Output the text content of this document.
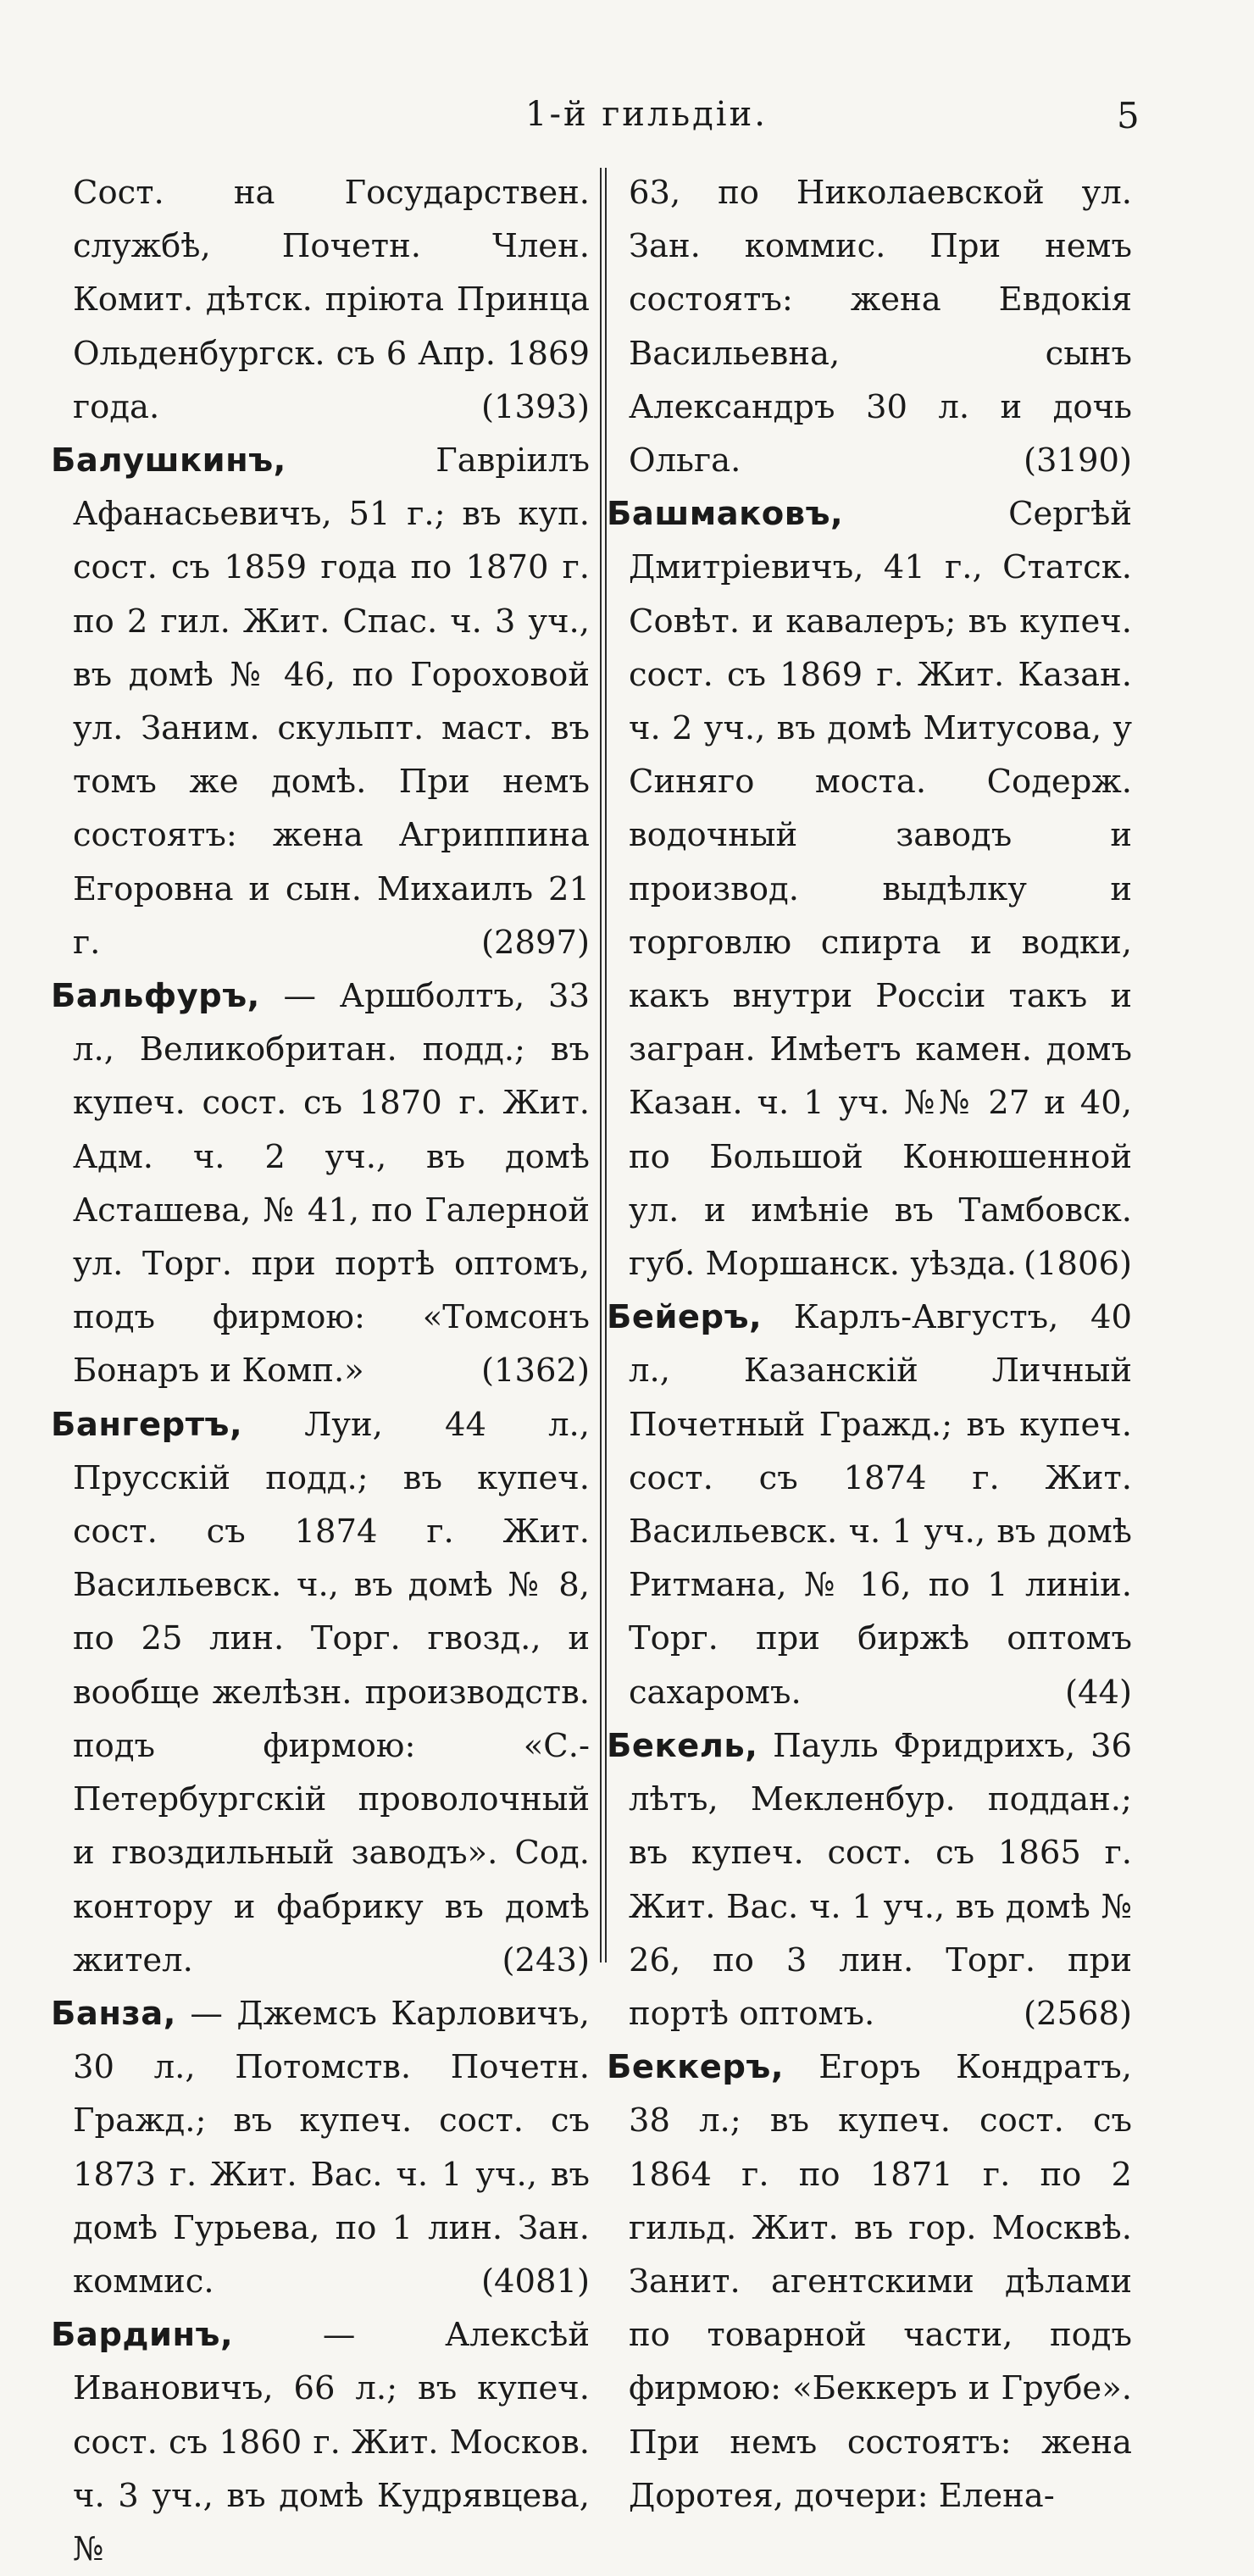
1-й гильдіи.	5

Сост. на Государствен. службѣ, Почетн. Член. Комит. дѣтск. пріюта Принца Ольденбургск. съ 6 Апр. 1869 года.	(1393)

Балушкинъ,	Гавріилъ Афанасьевичъ, 51 г.; въ куп. сост. съ 1859 года по 1870 г. по 2 гил. Жит. Спас. ч. 3 уч., въ домѣ № 46, по Гороховой ул. Заним. скульпт. маст. въ томъ же домѣ. При немъ состоятъ: жена Агриппина Егоровна и сын. Михаилъ 21 г.	(2897)

Бальфуръ, — Аршболтъ, 33 л., Великобритан. подд.; въ купеч. сост. съ 1870 г. Жит. Адм. ч. 2 уч., въ домѣ Асташева, № 41, по Галерной ул. Торг. при портѣ оптомъ, подъ фирмою: «Томсонъ Бонаръ и Комп.»	(1362)

Бангертъ, Луи, 44 л., Прусскій подд.; въ купеч. сост. съ 1874 г. Жит. Васильевск. ч., въ домѣ № 8, по 25 лин. Торг. гвозд., и вообще желѣзн. производств. подъ фирмою: «С.-Петербургскій проволочный и гвоздильный заводъ». Сод. контору и фабрику въ домѣ жител.	(243)

Банза, — Джемсъ Карловичъ, 30 л., Потомств. Почетн. Гражд.; въ купеч. сост. съ 1873 г. Жит. Вас. ч. 1 уч., въ домѣ Гурьева, по 1 лин. Зан. коммис.	(4081)

Бардинъ,	— Алексѣй Ивановичъ, 66 л.; въ купеч. сост. съ 1860 г. Жит. Москов. ч. 3 уч., въ домѣ Кудрявцева, №

63, по Николаевской ул. Зан. коммис. При немъ состоятъ: жена Евдокія Васильевна, сынъ Александръ 30 л. и дочь Ольга.	(3190)

Башмаковъ,	Сергѣй Дмитріевичъ, 41 г., Статск. Совѣт. и кавалеръ; въ купеч. сост. съ 1869 г. Жит. Казан. ч. 2 уч., въ домѣ Митусова, у Синяго моста. Содерж. водочный заводъ и производ. выдѣлку и торговлю спирта и водки, какъ внутри Россіи такъ и загран. Имѣетъ камен. домъ Казан. ч. 1 уч. №№ 27 и 40, по Большой Конюшенной ул. и имѣніе въ Тамбовск. губ. Моршанск. уѣзда. (1806)

Бейеръ, Карлъ-Августъ, 40 л., Казанскій Личный Почетный Гражд.; въ купеч. сост. съ 1874 г. Жит. Васильевск. ч. 1 уч., въ домѣ Ритмана, № 16, по 1 линіи. Торг. при биржѣ оптомъ сахаромъ.	(44)

Бекель, Пауль Фридрихъ, 36 лѣтъ, Мекленбур. поддан.; въ купеч. сост. съ 1865 г. Жит. Вас. ч. 1 уч., въ домѣ № 26, по 3 лин. Торг. при портѣ оптомъ.	(2568)

Беккеръ, Егоръ Кондратъ, 38 л.; въ купеч. сост. съ 1864 г. по 1871 г. по 2 гильд. Жит. въ гор. Москвѣ. Занит. агентскими дѣлами по товарной части, подъ фирмою: «Беккеръ и Грубе». При немъ состоятъ: жена Доротея, дочери: Елена-
